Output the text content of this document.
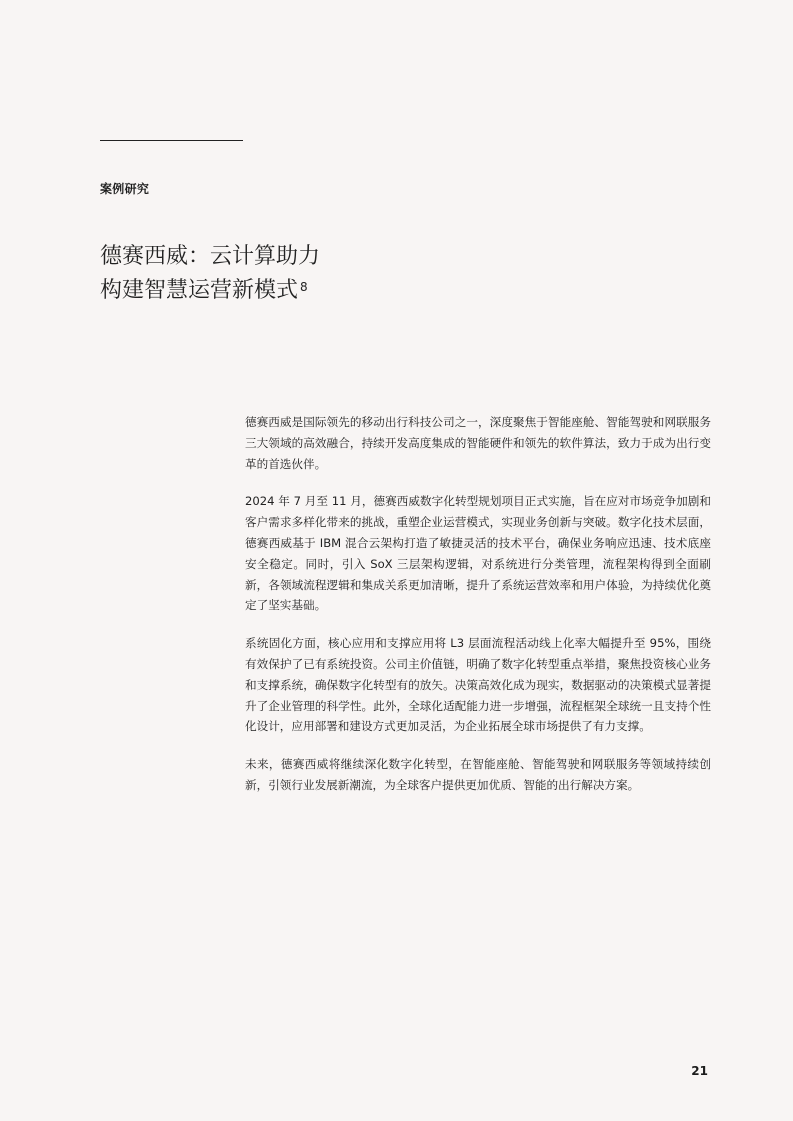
案例研究
德赛西威：云计算助力
构建智慧运营新模式 $^8$

德赛西威是国际领先的移动出行科技公司之一，深度聚焦于智能座舱、智能驾驶和网联服务三大领域的高效融合，持续开发高度集成的智能硬件和领先的软件算法，致力于成为出行变革的首选伙伴。

2024 年 7 月至 11 月，德赛西威数字化转型规划项目正式实施，旨在应对市场竞争加剧和客户需求多样化带来的挑战，重塑企业运营模式，实现业务创新与突破。数字化技术层面，德赛西威基于 IBM 混合云架构打造了敏捷灵活的技术平台，确保业务响应迅速、技术底座安全稳定。同时，引入 SoX 三层架构逻辑，对系统进行分类管理，流程架构得到全面刷新，各领域流程逻辑和集成关系更加清晰，提升了系统运营效率和用户体验，为持续优化奠定了坚实基础。

系统固化方面，核心应用和支撑应用将 L3 层面流程活动线上化率大幅提升至 95%，围绕有效保护了已有系统投资。公司主价值链，明确了数字化转型重点举措，聚焦投资核心业务和支撑系统，确保数字化转型有的放矢。决策高效化成为现实，数据驱动的决策模式显著提升了企业管理的科学性。此外，全球化适配能力进一步增强，流程框架全球统一且支持个性化设计，应用部署和建设方式更加灵活，为企业拓展全球市场提供了有力支撑。

未来，德赛西威将继续深化数字化转型，在智能座舱、智能驾驶和网联服务等领域持续创新，引领行业发展新潮流，为全球客户提供更加优质、智能的出行解决方案。

21
